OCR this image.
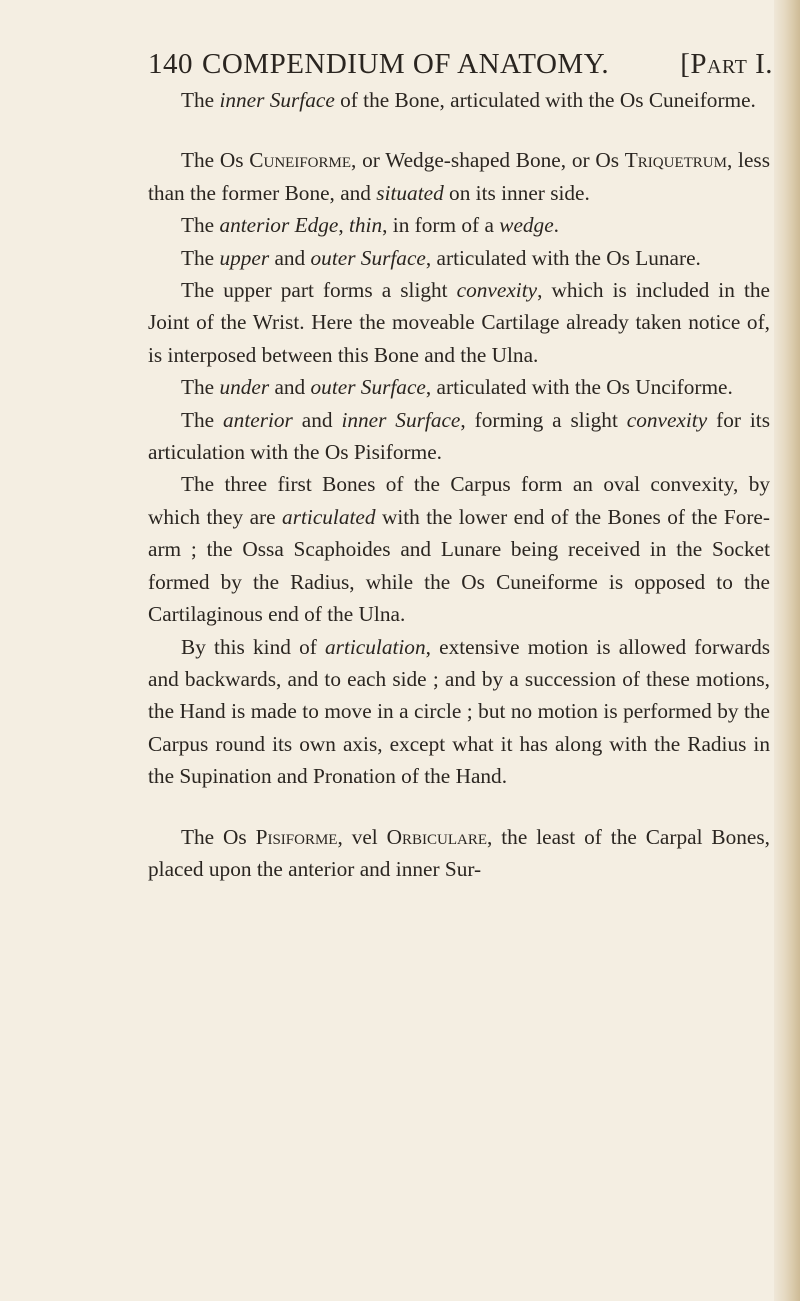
140 COMPENDIUM OF ANATOMY. [Part I.

The inner Surface of the Bone, articulated with the Os Cuneiforme.

The Os Cuneiforme, or Wedge-shaped Bone, or Os Triquetrum, less than the former Bone, and situated on its inner side.

The anterior Edge, thin, in form of a wedge.

The upper and outer Surface, articulated with the Os Lunare.

The upper part forms a slight convexity, which is included in the Joint of the Wrist. Here the moveable Cartilage already taken notice of, is interposed between this Bone and the Ulna.

The under and outer Surface, articulated with the Os Unciforme.

The anterior and inner Surface, forming a slight convexity for its articulation with the Os Pisiforme.

The three first Bones of the Carpus form an oval convexity, by which they are articulated with the lower end of the Bones of the Fore-arm ; the Ossa Scaphoides and Lunare being received in the Socket formed by the Radius, while the Os Cuneiforme is opposed to the Cartilaginous end of the Ulna.

By this kind of articulation, extensive motion is allowed forwards and backwards, and to each side ; and by a succession of these motions, the Hand is made to move in a circle ; but no motion is performed by the Carpus round its own axis, except what it has along with the Radius in the Supination and Pronation of the Hand.

The Os Pisiforme, vel Orbiculare, the least of the Carpal Bones, placed upon the anterior and inner Sur-
